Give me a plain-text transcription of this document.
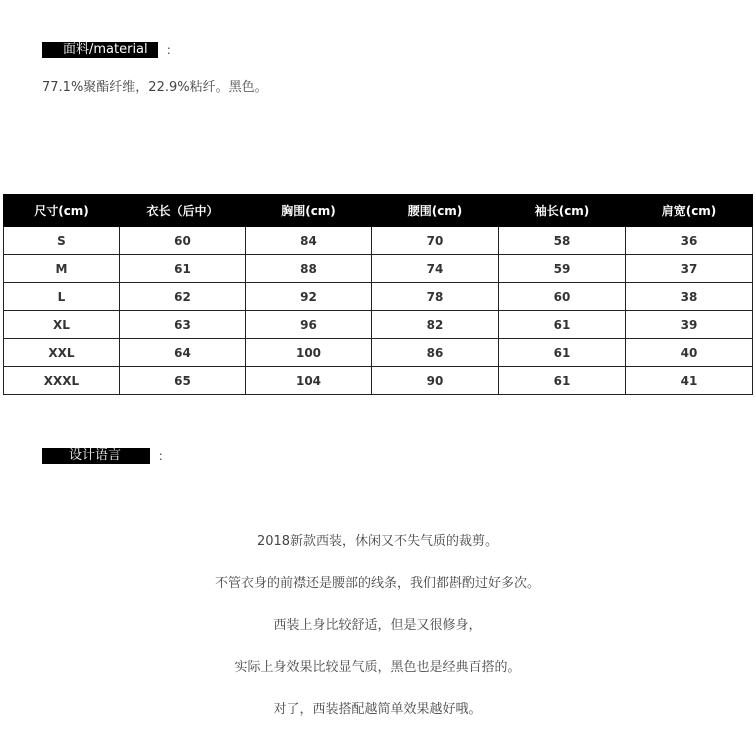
面料/material	：

77.1%聚酯纤维，22.9%粘纤。黑色。

尺寸(cm)	衣长（后中）	胸围(cm)	腰围(cm)	袖长(cm)	肩宽(cm)
S	60	84	70	58	36
M	61	88	74	59	37
L	62	92	78	60	38
XL	63	96	82	61	39
XXL	64	100	86	61	40
XXXL	65	104	90	61	41
设计语言	：
2018新款西装，休闲又不失气质的裁剪。
不管衣身的前襟还是腰部的线条，我们都斟酌过好多次。
西装上身比较舒适，但是又很修身，
实际上身效果比较显气质，黑色也是经典百搭的。
对了，西装搭配越简单效果越好哦。
